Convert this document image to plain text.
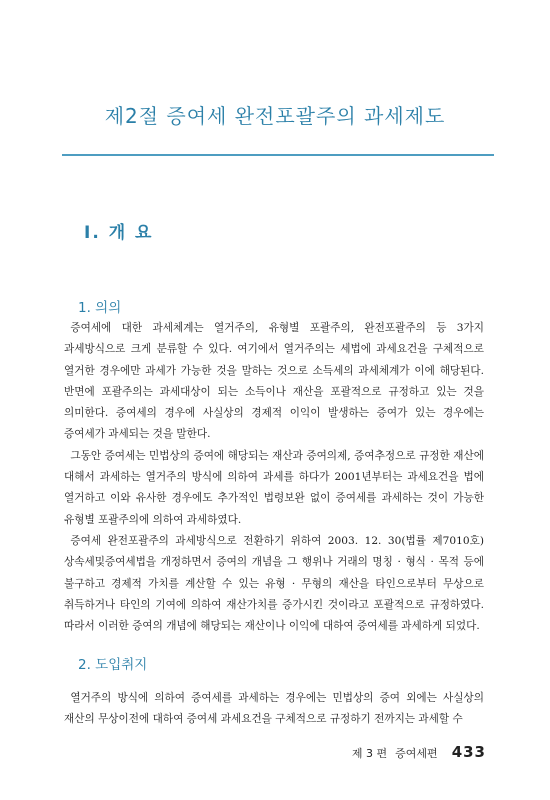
제2절 증여세 완전포괄주의 과세제도
Ⅰ. 개 요
1. 의의

증여세에 대한 과세체계는 열거주의, 유형별 포괄주의, 완전포괄주의 등 3가지 과세방식으로 크게 분류할 수 있다. 여기에서 열거주의는 세법에 과세요건을 구체적으로 열거한 경우에만 과세가 가능한 것을 말하는 것으로 소득세의 과세체계가 이에 해당된다. 반면에 포괄주의는 과세대상이 되는 소득이나 재산을 포괄적으로 규정하고 있는 것을 의미한다. 증여세의 경우에 사실상의 경제적 이익이 발생하는 증여가 있는 경우에는 증여세가 과세되는 것을 말한다.

그동안 증여세는 민법상의 증여에 해당되는 재산과 증여의제, 증여추정으로 규정한 재산에 대해서 과세하는 열거주의 방식에 의하여 과세를 하다가 2001년부터는 과세요건을 법에 열거하고 이와 유사한 경우에도 추가적인 법령보완 없이 증여세를 과세하는 것이 가능한 유형별 포괄주의에 의하여 과세하였다.

증여세 완전포괄주의 과세방식으로 전환하기 위하여 2003. 12. 30(법률 제7010호) 상속세및증여세법을 개정하면서 증여의 개념을 그 행위나 거래의 명칭 · 형식 · 목적 등에 불구하고 경제적 가치를 계산할 수 있는 유형 · 무형의 재산을 타인으로부터 무상으로 취득하거나 타인의 기여에 의하여 재산가치를 증가시킨 것이라고 포괄적으로 규정하였다. 따라서 이러한 증여의 개념에 해당되는 재산이나 이익에 대하여 증여세를 과세하게 되었다.

2. 도입취지

열거주의 방식에 의하여 증여세를 과세하는 경우에는 민법상의 증여 외에는 사실상의 재산의 무상이전에 대하여 증여세 과세요건을 구체적으로 규정하기 전까지는 과세할 수

제 3 편 증여세편 433
